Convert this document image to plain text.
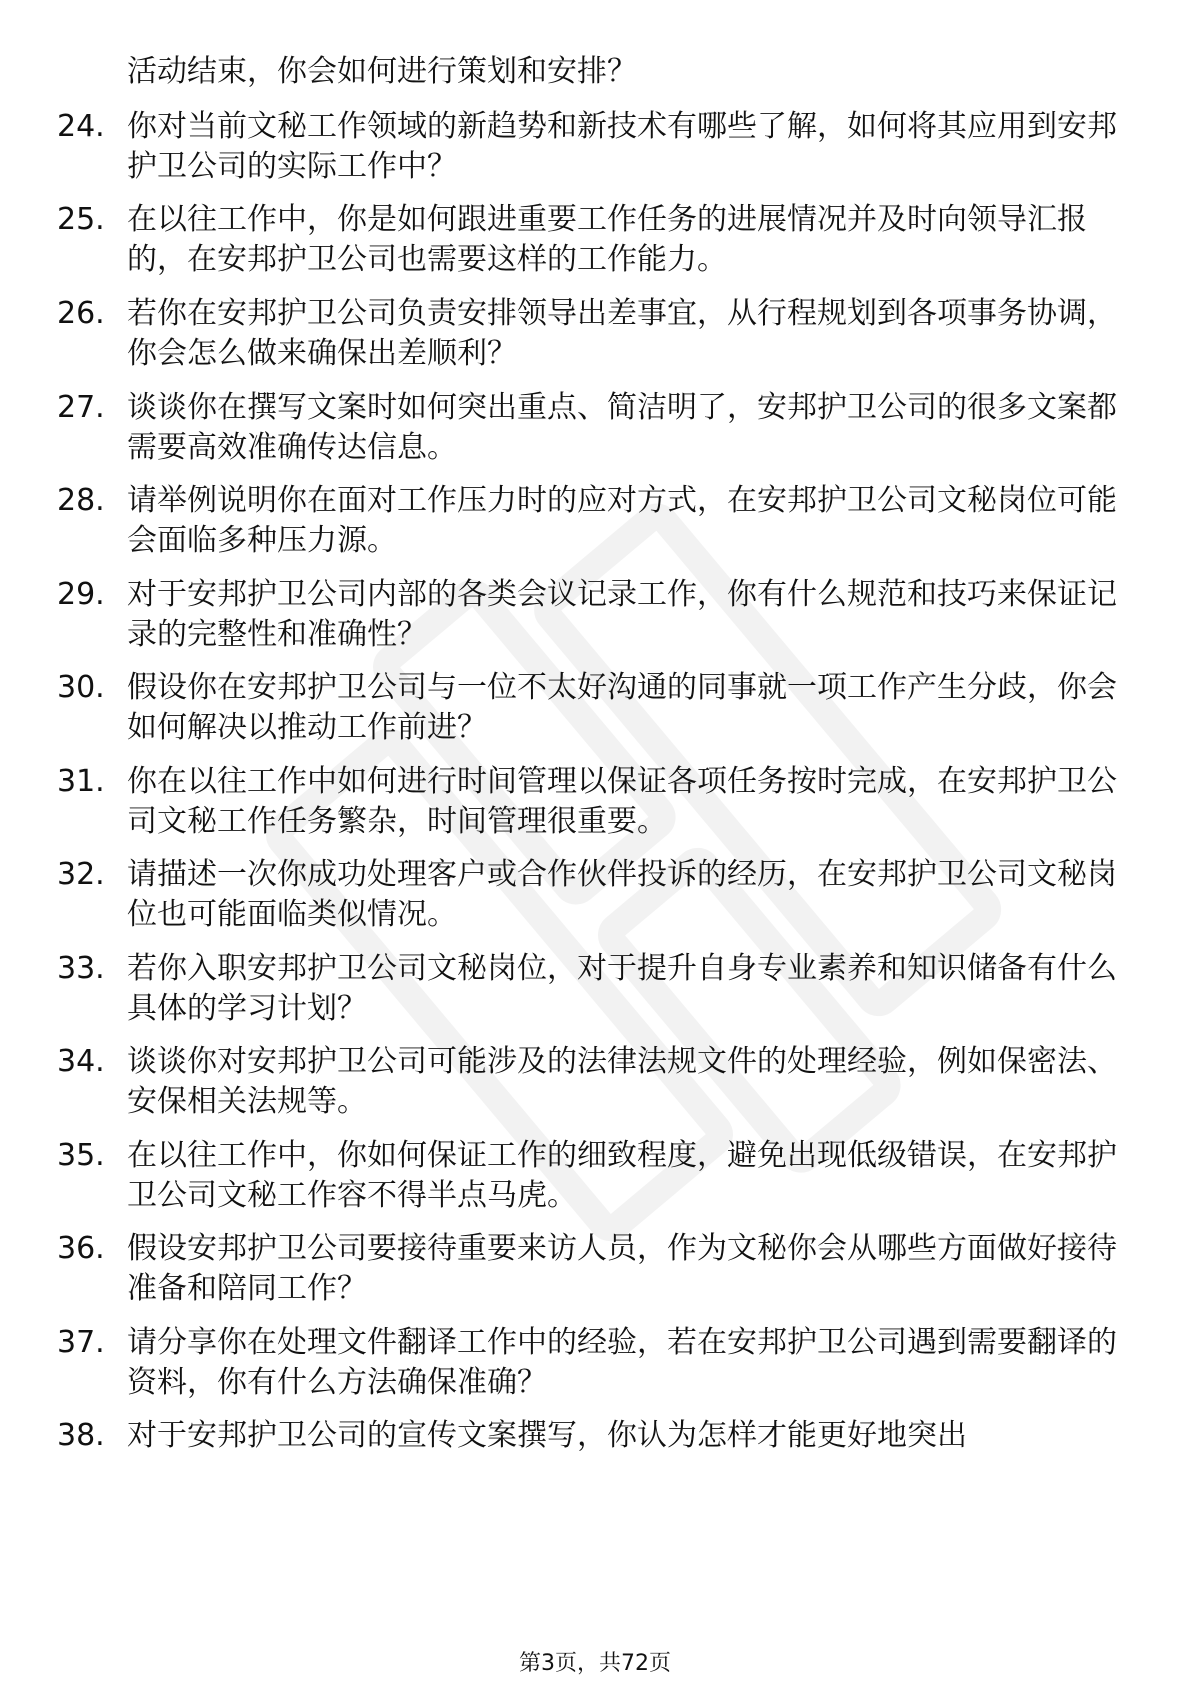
活动结束，你会如何进行策划和安排？

24. 你对当前文秘工作领域的新趋势和新技术有哪些了解，如何将其应用到安邦护卫公司的实际工作中？
25. 在以往工作中，你是如何跟进重要工作任务的进展情况并及时向领导汇报的，在安邦护卫公司也需要这样的工作能力。
26. 若你在安邦护卫公司负责安排领导出差事宜，从行程规划到各项事务协调，你会怎么做来确保出差顺利？
27. 谈谈你在撰写文案时如何突出重点、简洁明了，安邦护卫公司的很多文案都需要高效准确传达信息。
28. 请举例说明你在面对工作压力时的应对方式，在安邦护卫公司文秘岗位可能会面临多种压力源。
29. 对于安邦护卫公司内部的各类会议记录工作，你有什么规范和技巧来保证记录的完整性和准确性？
30. 假设你在安邦护卫公司与一位不太好沟通的同事就一项工作产生分歧，你会如何解决以推动工作前进？
31. 你在以往工作中如何进行时间管理以保证各项任务按时完成，在安邦护卫公司文秘工作任务繁杂，时间管理很重要。
32. 请描述一次你成功处理客户或合作伙伴投诉的经历，在安邦护卫公司文秘岗位也可能面临类似情况。
33. 若你入职安邦护卫公司文秘岗位，对于提升自身专业素养和知识储备有什么具体的学习计划？
34. 谈谈你对安邦护卫公司可能涉及的法律法规文件的处理经验，例如保密法、安保相关法规等。
35. 在以往工作中，你如何保证工作的细致程度，避免出现低级错误，在安邦护卫公司文秘工作容不得半点马虎。
36. 假设安邦护卫公司要接待重要来访人员，作为文秘你会从哪些方面做好接待准备和陪同工作？
37. 请分享你在处理文件翻译工作中的经验，若在安邦护卫公司遇到需要翻译的资料，你有什么方法确保准确？
38. 对于安邦护卫公司的宣传文案撰写，你认为怎样才能更好地突出
第3页，共72页
